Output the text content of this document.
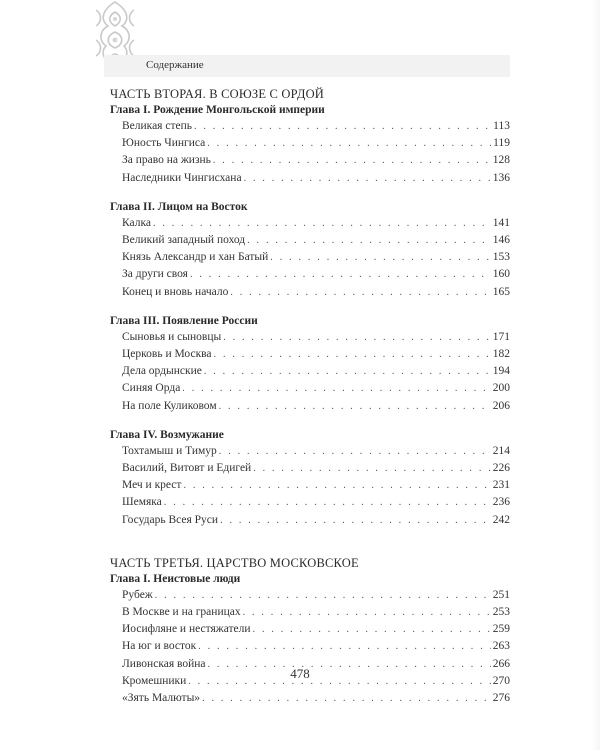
Содержание
ЧАСТЬ ВТОРАЯ. В СОЮЗЕ С ОРДОЙ
Глава I. Рождение Монгольской империи
Великая степь . . .	113
Юность Чингиса . . .	119
За право на жизнь . . .	128
Наследники Чингисхана . . .	136
Глава II. Лицом на Восток
Калка . . .	141
Великий западный поход . . .	146
Князь Александр и хан Батый . . .	153
За други своя . . .	160
Конец и вновь начало . . .	165
Глава III. Появление России
Сыновья и сыновцы . . .	171
Церковь и Москва . . .	182
Дела ордынские . . .	194
Синяя Орда . . .	200
На поле Куликовом . . .	206
Глава IV. Возмужание
Тохтамыш и Тимур . . .	214
Василий, Витовт и Едигей . . .	226
Меч и крест . . .	231
Шемяка . . .	236
Государь Всея Руси . . .	242
ЧАСТЬ ТРЕТЬЯ. ЦАРСТВО МОСКОВСКОЕ
Глава I. Неистовые люди
Рубеж . . .	251
В Москве и на границах . . .	253
Иосифляне и нестяжатели . . .	259
На юг и восток . . .	263
Ливонская война . . .	266
Кромешники . . .	270
«Зять Малюты» . . .	276
478
